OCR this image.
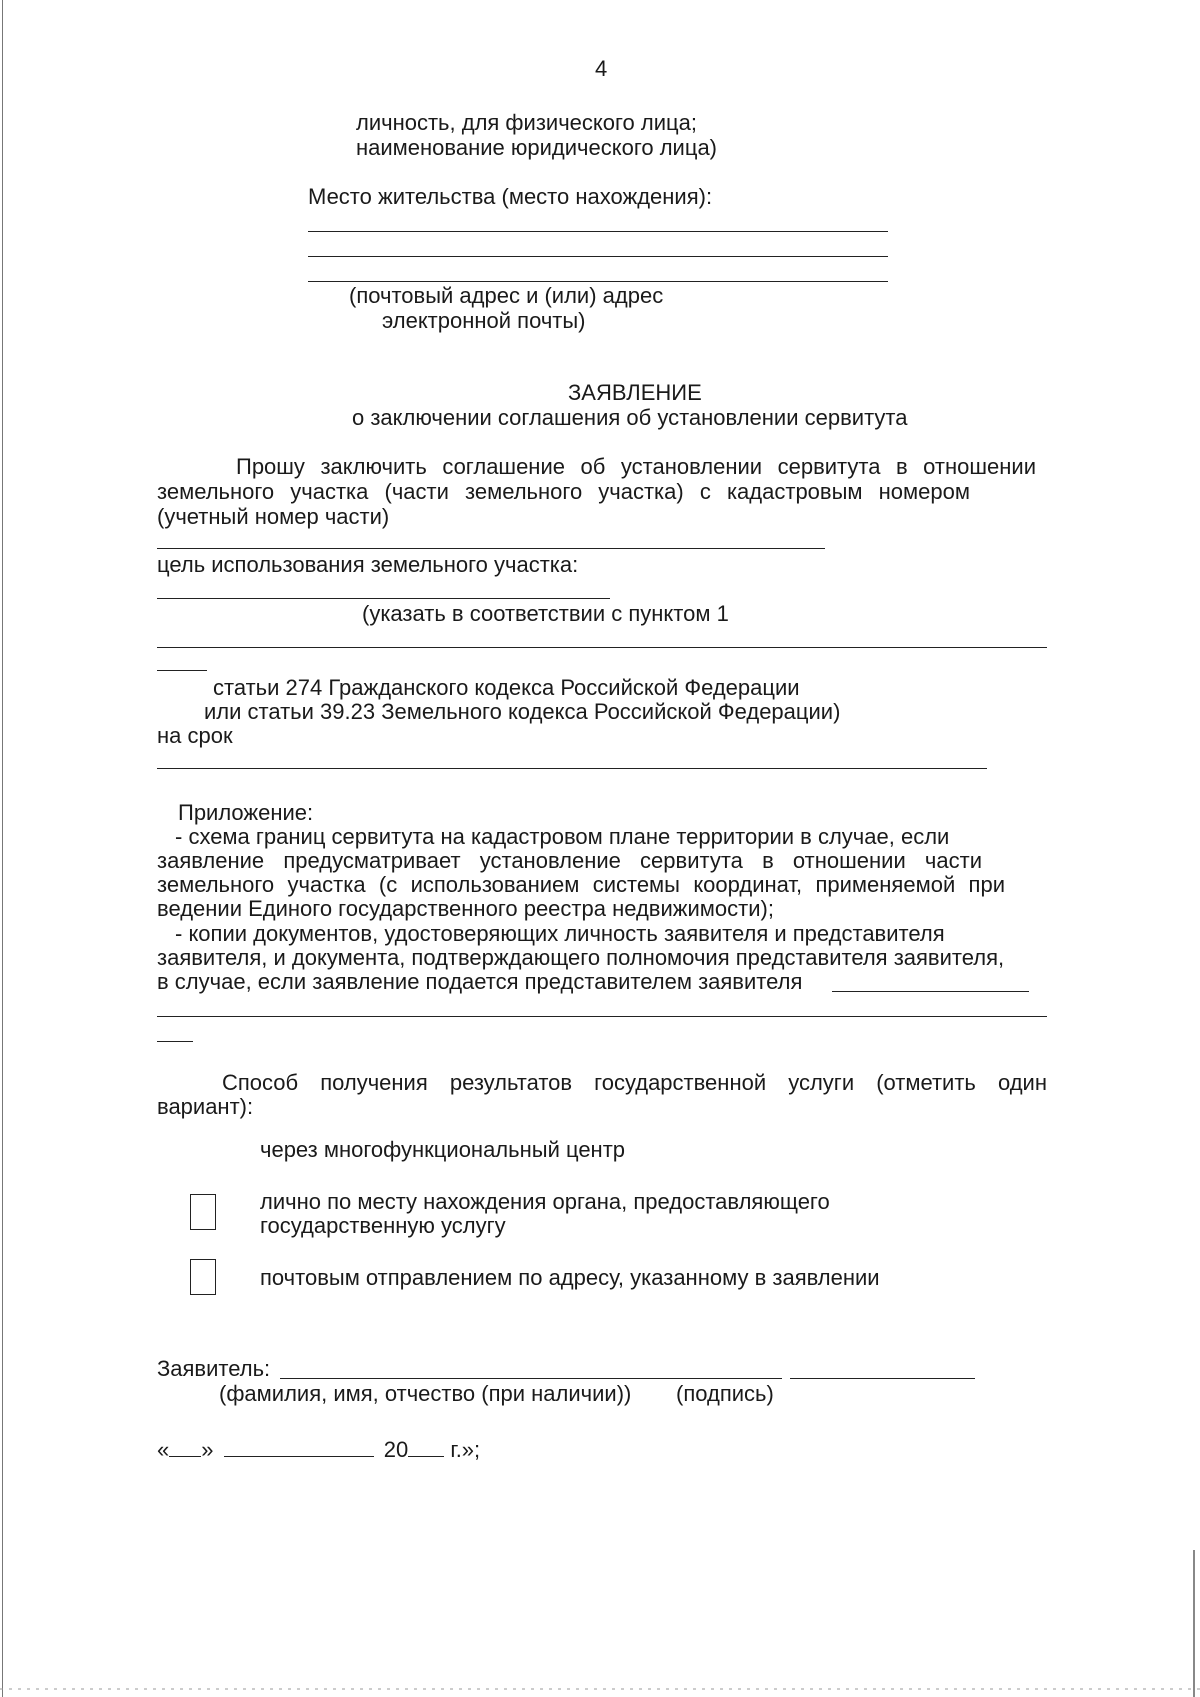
4
личность, для физического лица;
наименование юридического лица)
Место жительства (место нахождения):
(почтовый адрес и (или) адрес
электронной почты)
ЗАЯВЛЕНИЕ
о заключении соглашения об установлении сервитута
Прошу заключить соглашение об установлении сервитута в отношении
земельного участка (части земельного участка) с кадастровым номером
(учетный номер части)
цель использования земельного участка:
(указать в соответствии с пунктом 1
статьи 274 Гражданского кодекса Российской Федерации
или статьи 39.23 Земельного кодекса Российской Федерации)
на срок
Приложение:
- схема границ сервитута на кадастровом плане территории в случае, если
заявление предусматривает установление сервитута в отношении части
земельного участка (с использованием системы координат, применяемой при
ведении Единого государственного реестра недвижимости);
- копии документов, удостоверяющих личность заявителя и представителя
заявителя, и документа, подтверждающего полномочия представителя заявителя,
в случае, если заявление подается представителем заявителя
Способ получения результатов государственной услуги (отметить один
вариант):
через многофункциональный центр
лично по месту нахождения органа, предоставляющего
государственную услугу
почтовым отправлением по адресу, указанному в заявлении
Заявитель:
(фамилия, имя, отчество (при наличии)) (подпись)
« »	20 г.»;
